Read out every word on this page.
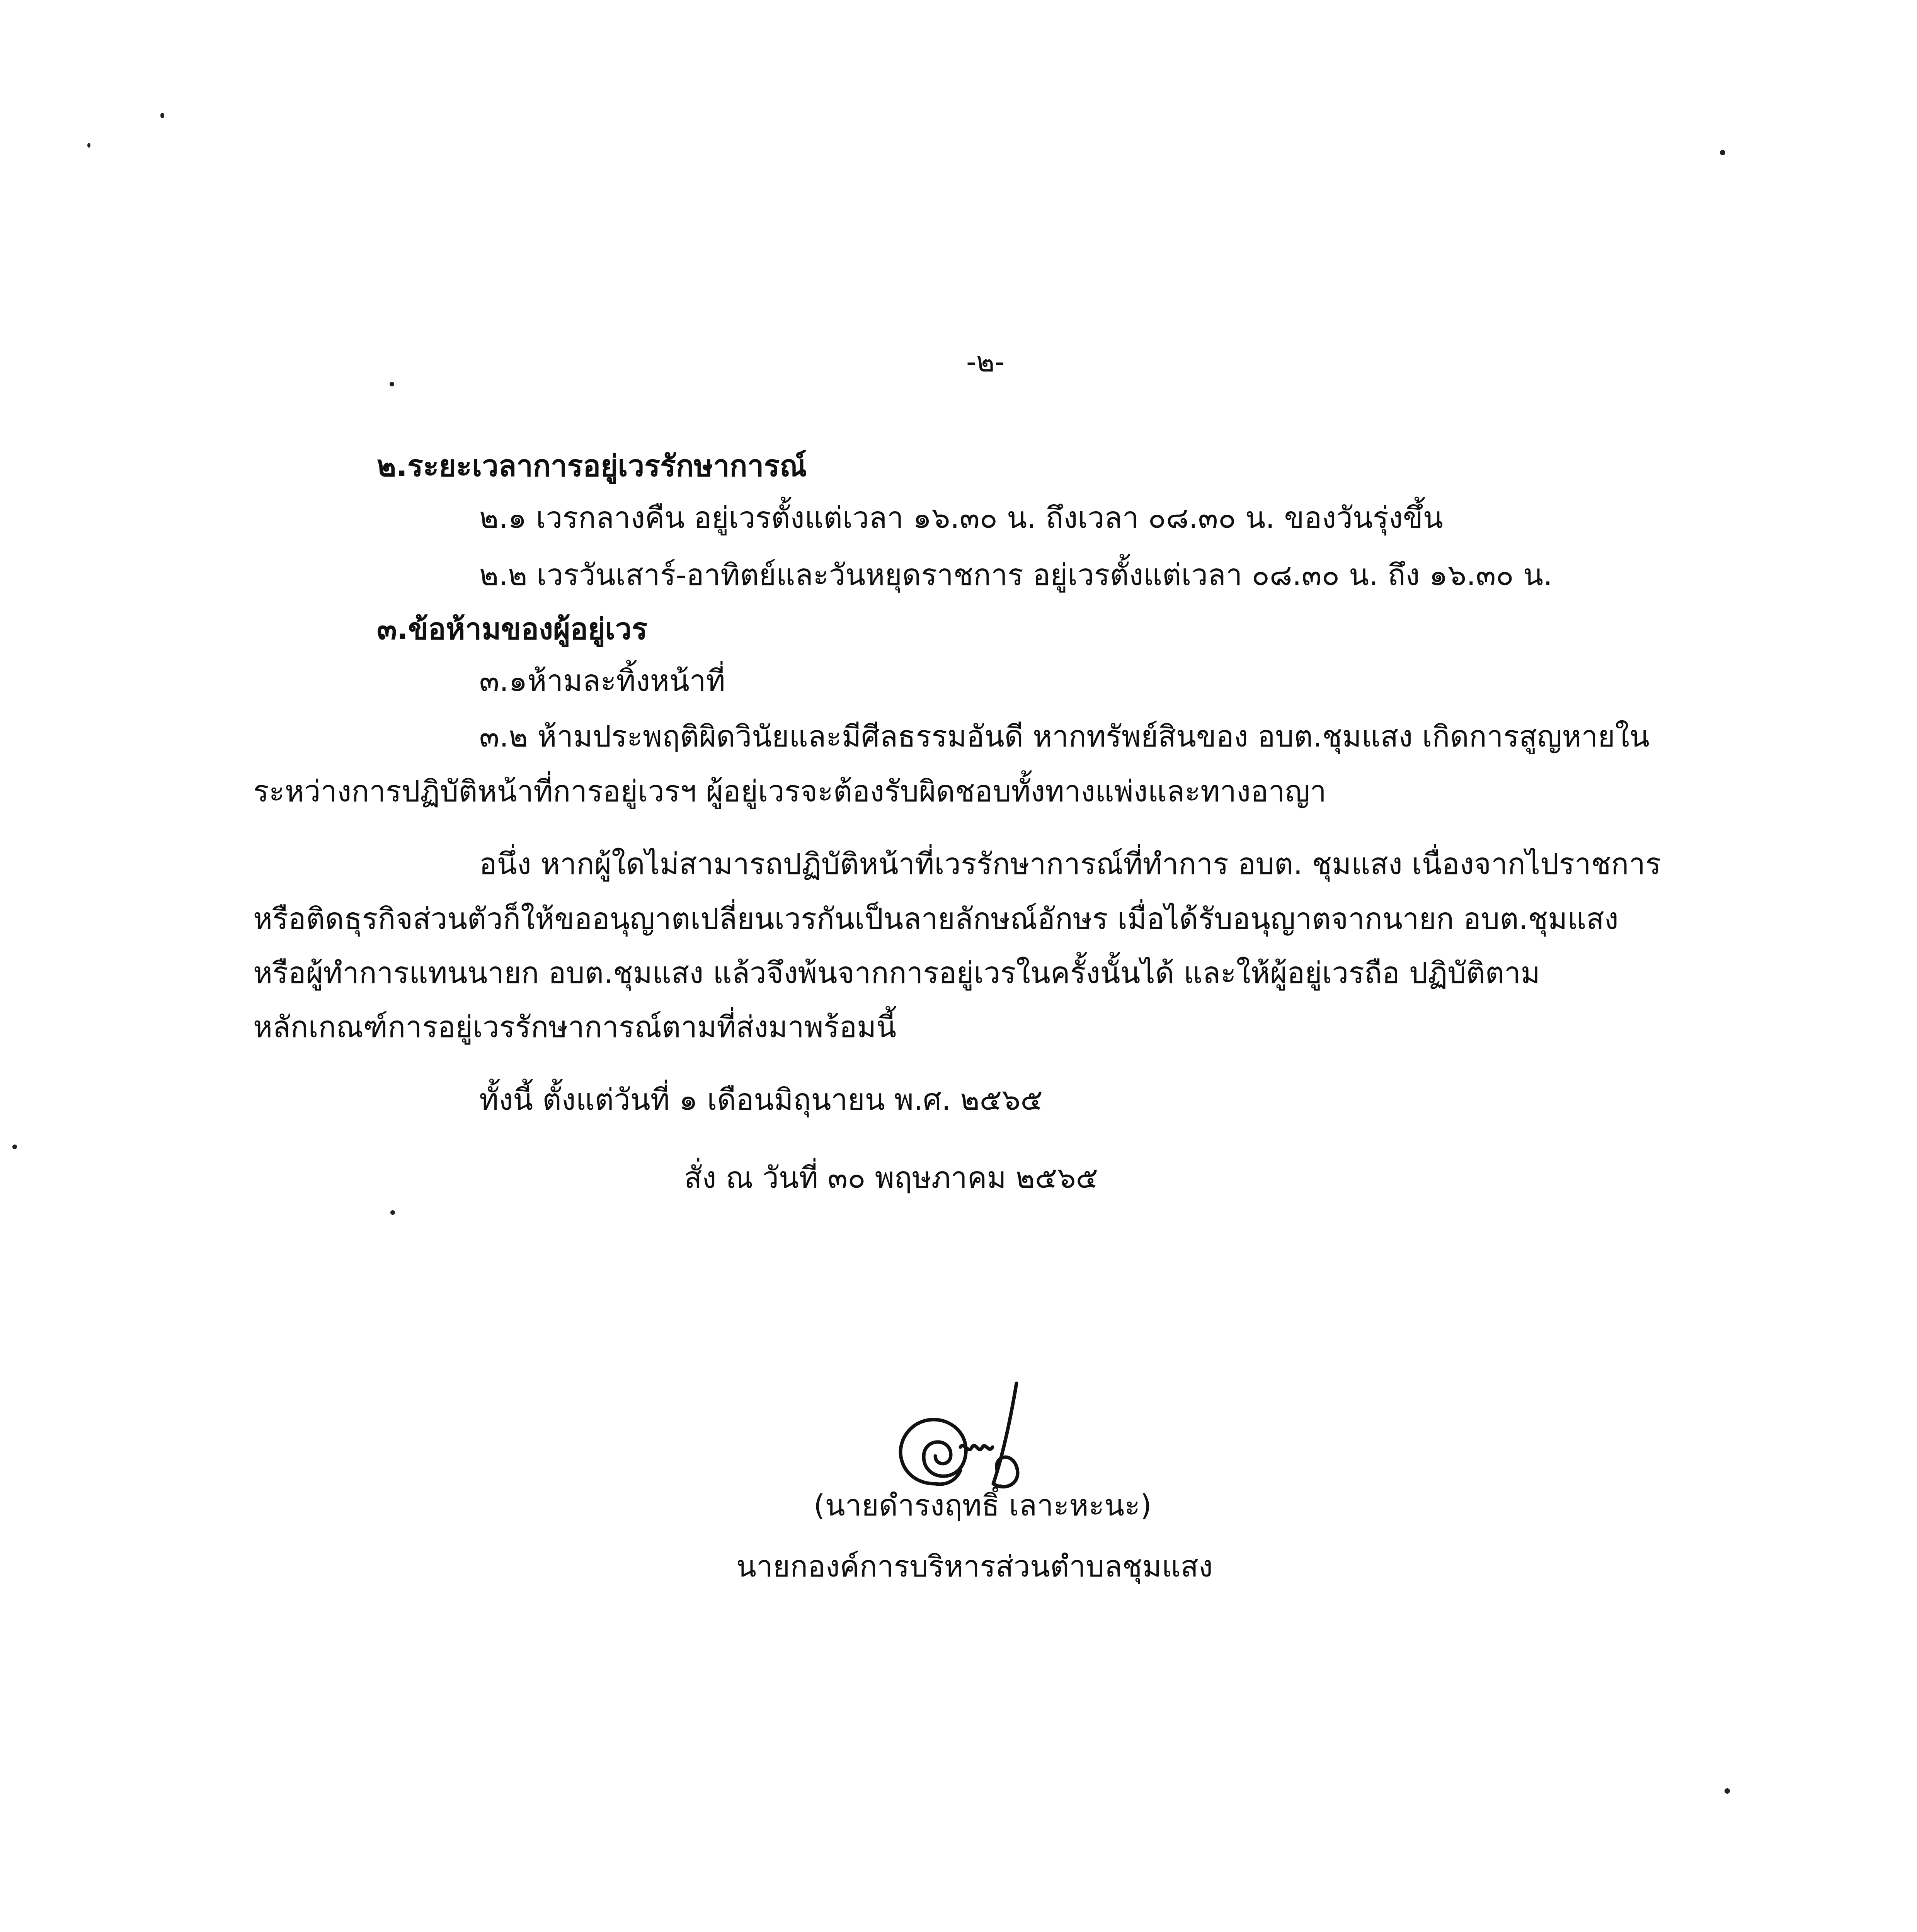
-๒-
๒.ระยะเวลาการอยู่เวรรักษาการณ์
๒.๑ เวรกลางคืน อยู่เวรตั้งแต่เวลา ๑๖.๓๐ น. ถึงเวลา ๐๘.๓๐ น. ของวันรุ่งขึ้น
๒.๒ เวรวันเสาร์-อาทิตย์และวันหยุดราชการ อยู่เวรตั้งแต่เวลา ๐๘.๓๐ น. ถึง ๑๖.๓๐ น.
๓.ข้อห้ามของผู้อยู่เวร
๓.๑ห้ามละทิ้งหน้าที่
๓.๒ ห้ามประพฤติผิดวินัยและมีศีลธรรมอันดี หากทรัพย์สินของ อบต.ชุมแสง เกิดการสูญหายใน
ระหว่างการปฏิบัติหน้าที่การอยู่เวรฯ ผู้อยู่เวรจะต้องรับผิดชอบทั้งทางแพ่งและทางอาญา
อนึ่ง หากผู้ใดไม่สามารถปฏิบัติหน้าที่เวรรักษาการณ์ที่ทำการ อบต. ชุมแสง เนื่องจากไปราชการ
หรือติดธุรกิจส่วนตัวก็ให้ขออนุญาตเปลี่ยนเวรกันเป็นลายลักษณ์อักษร เมื่อได้รับอนุญาตจากนายก อบต.ชุมแสง
หรือผู้ทำการแทนนายก อบต.ชุมแสง แล้วจึงพ้นจากการอยู่เวรในครั้งนั้นได้ และให้ผู้อยู่เวรถือ ปฏิบัติตาม
หลักเกณฑ์การอยู่เวรรักษาการณ์ตามที่ส่งมาพร้อมนี้
ทั้งนี้ ตั้งแต่วันที่ ๑ เดือนมิถุนายน พ.ศ. ๒๕๖๕
สั่ง ณ วันที่ ๓๐ พฤษภาคม ๒๕๖๕
(นายดำรงฤทธิ์ เลาะหะนะ)
นายกองค์การบริหารส่วนตำบลชุมแสง
